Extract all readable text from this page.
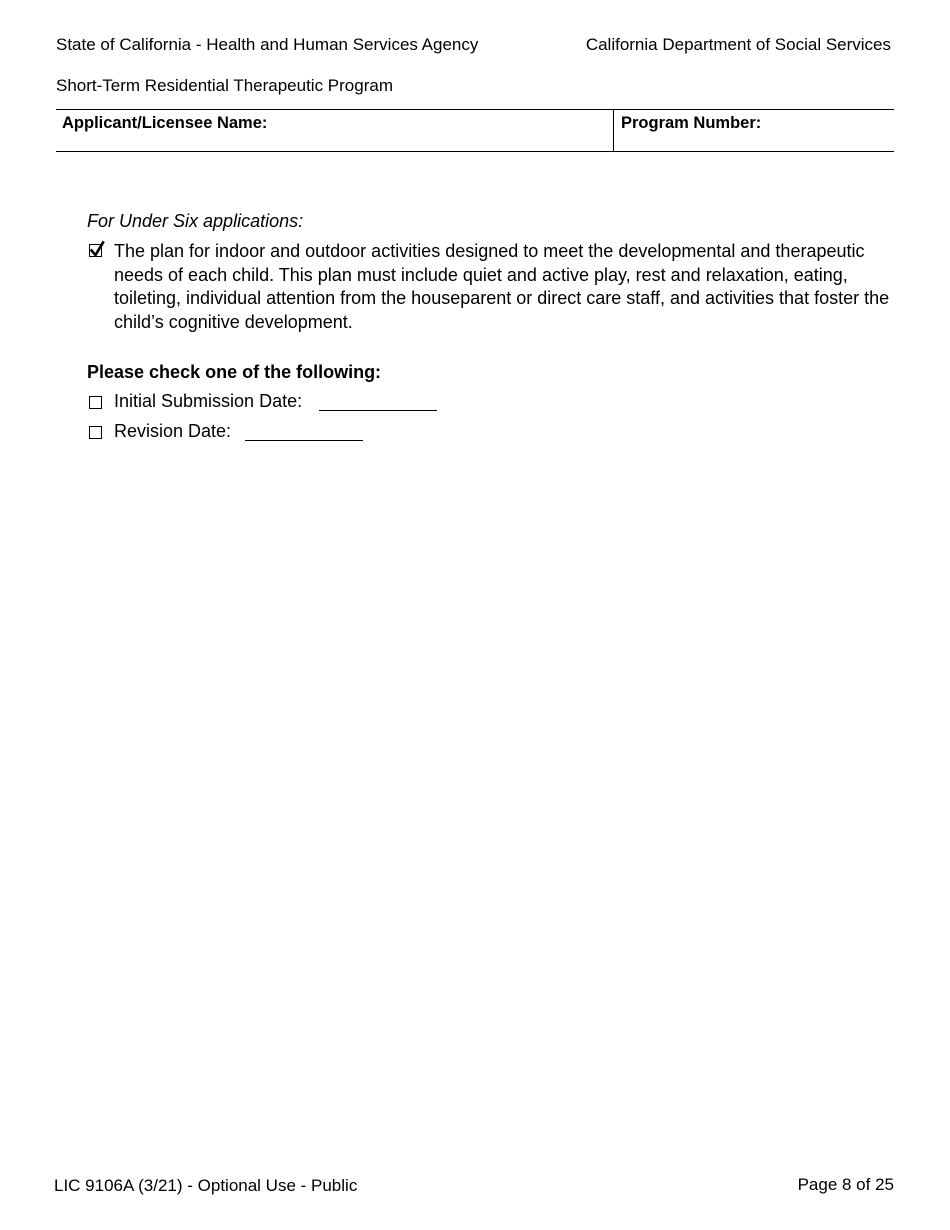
State of California - Health and Human Services Agency	California Department of Social Services
Short-Term Residential Therapeutic Program
Applicant/Licensee Name:	Program Number:
For Under Six applications:
The plan for indoor and outdoor activities designed to meet the developmental and therapeutic needs of each child. This plan must include quiet and active play, rest and relaxation, eating, toileting, individual attention from the houseparent or direct care staff, and activities that foster the child’s cognitive development.
Please check one of the following:
Initial Submission Date:
Revision Date:
LIC 9106A (3/21) - Optional Use - Public	Page 8 of 25
